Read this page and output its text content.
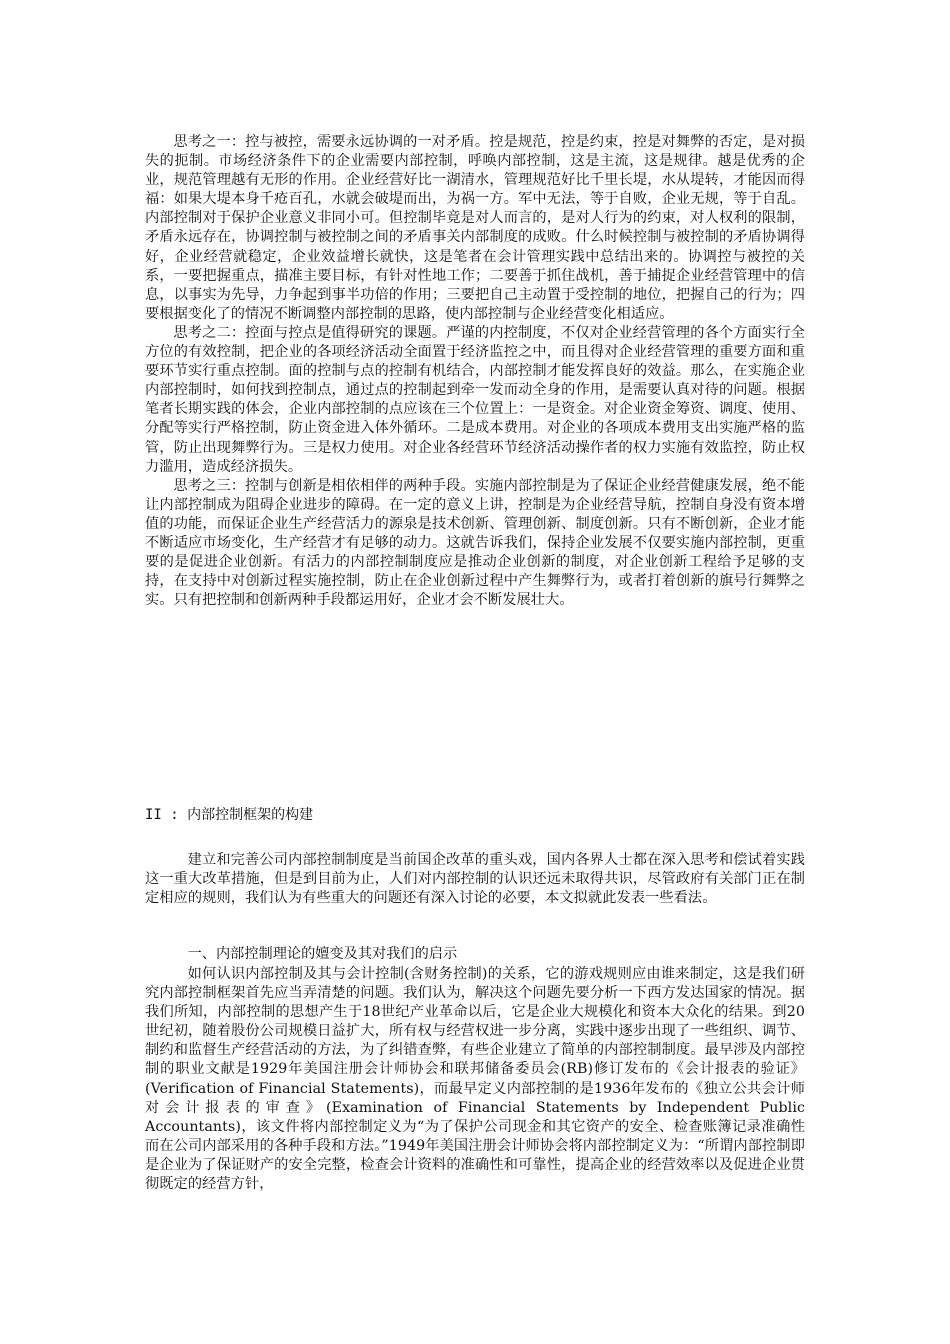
思考之一：控与被控，需要永远协调的一对矛盾。控是规范，控是约束，控是对舞弊的否定，是对损失的扼制。市场经济条件下的企业需要内部控制，呼唤内部控制，这是主流，这是规律。越是优秀的企业，规范管理越有无形的作用。企业经营好比一湖清水，管理规范好比千里长堤，水从堤转，才能因而得福：如果大堤本身千疮百孔，水就会破堤而出，为祸一方。军中无法，等于自败，企业无规，等于自乱。内部控制对于保护企业意义非同小可。但控制毕竟是对人而言的，是对人行为的约束，对人权利的限制，矛盾永远存在，协调控制与被控制之间的矛盾事关内部制度的成败。什么时候控制与被控制的矛盾协调得好，企业经营就稳定，企业效益增长就快，这是笔者在会计管理实践中总结出来的。协调控与被控的关系，一要把握重点，描准主要目标，有针对性地工作；二要善于抓住战机，善于捕捉企业经营管理中的信息，以事实为先导，力争起到事半功倍的作用；三要把自己主动置于受控制的地位，把握自己的行为；四要根据变化了的情况不断调整内部控制的思路，使内部控制与企业经营变化相适应。

思考之二：控面与控点是值得研究的课题。严谨的内控制度，不仅对企业经营管理的各个方面实行全方位的有效控制，把企业的各项经济活动全面置于经济监控之中，而且得对企业经营管理的重要方面和重要环节实行重点控制。面的控制与点的控制有机结合，内部控制才能发挥良好的效益。那么，在实施企业内部控制时，如何找到控制点，通过点的控制起到牵一发而动全身的作用，是需要认真对待的问题。根据笔者长期实践的体会，企业内部控制的点应该在三个位置上：一是资金。对企业资金筹资、调度、使用、分配等实行严格控制，防止资金进入体外循环。二是成本费用。对企业的各项成本费用支出实施严格的监管，防止出现舞弊行为。三是权力使用。对企业各经营环节经济活动操作者的权力实施有效监控，防止权力滥用，造成经济损失。

思考之三：控制与创新是相依相伴的两种手段。实施内部控制是为了保证企业经营健康发展，绝不能让内部控制成为阻碍企业进步的障碍。在一定的意义上讲，控制是为企业经营导航，控制自身没有资本增值的功能，而保证企业生产经营活力的源泉是技术创新、管理创新、制度创新。只有不断创新，企业才能不断适应市场变化，生产经营才有足够的动力。这就告诉我们，保持企业发展不仅要实施内部控制，更重要的是促进企业创新。有活力的内部控制制度应是推动企业创新的制度，对企业创新工程给予足够的支持，在支持中对创新过程实施控制，防止在企业创新过程中产生舞弊行为，或者打着创新的旗号行舞弊之实。只有把控制和创新两种手段都运用好，企业才会不断发展壮大。

II : 内部控制框架的构建

建立和完善公司内部控制制度是当前国企改革的重头戏，国内各界人士都在深入思考和偿试着实践这一重大改革措施，但是到目前为止，人们对内部控制的认识还远未取得共识，尽管政府有关部门正在制定相应的规则，我们认为有些重大的问题还有深入讨论的必要，本文拟就此发表一些看法。

一、内部控制理论的嬗变及其对我们的启示

如何认识内部控制及其与会计控制(含财务控制)的关系，它的游戏规则应由谁来制定，这是我们研究内部控制框架首先应当弄清楚的问题。我们认为，解决这个问题先要分析一下西方发达国家的情况。据我们所知，内部控制的思想产生于18世纪产业革命以后，它是企业大规模化和资本大众化的结果。到20世纪初，随着股份公司规模日益扩大，所有权与经营权进一步分离，实践中逐步出现了一些组织、调节、制约和监督生产经营活动的方法，为了纠错查弊，有些企业建立了简单的内部控制制度。最早涉及内部控制的职业文献是1929年美国注册会计师协会和联邦储备委员会(RB)修订发布的《会计报表的验证》(Verification of Financial Statements)，而最早定义内部控制的是1936年发布的《独立公共会计师对会计报表的审查》(Examination of Financial Statements by Independent Public Accountants)，该文件将内部控制定义为“为了保护公司现金和其它资产的安全、检查账簿记录准确性而在公司内部采用的各种手段和方法。”1949年美国注册会计师协会将内部控制定义为：“所谓内部控制即是企业为了保证财产的安全完整，检查会计资料的准确性和可靠性，提高企业的经营效率以及促进企业贯彻既定的经营方针，
